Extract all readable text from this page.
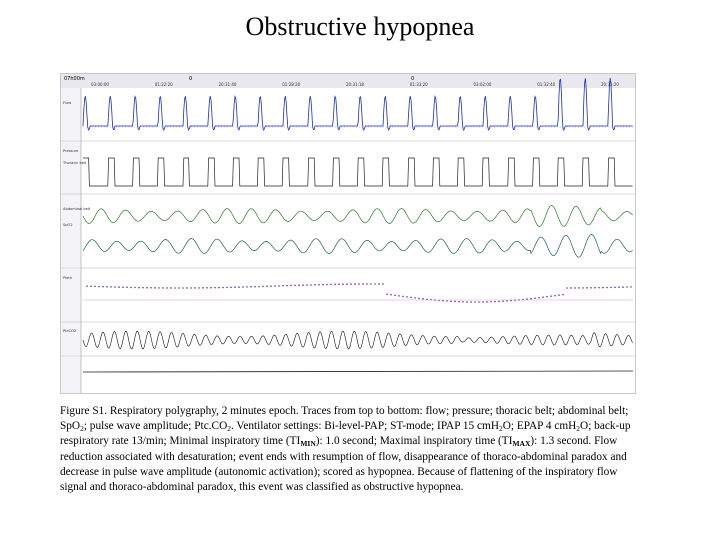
Obstructive hypopnea
07h00m	0	0
03:00:00	01:22:20	20:31:40	01:28:20	20:31:18	01:33:20	03:02:00	01:32:40	20:35:20
Flow
Pressure
Thoracic belt
Abdominal belt
SpO2
Pleth
PtcCO2
Figure S1. Respiratory polygraphy, 2 minutes epoch. Traces from top to bottom: flow; pressure; thoracic belt; abdominal belt;
SpO$_2$; pulse wave amplitude; $Ptc.CO_2$. Ventilator settings: Bi-level-PAP; ST-mode; IPAP 15 cmH$_2$O; EPAP 4 cmH$_2$O; back-up
respiratory rate 13/min; Minimal inspiratory time $(TI_{MIN})$: 1.0 second; Maximal inspiratory time $(TI_{MAX})$: 1.3 second. Flow
reduction associated with desaturation; event ends with resumption of flow, disappearance of thoraco-abdominal paradox and
decrease in pulse wave amplitude (autonomic activation); scored as hypopnea. Because of flattening of the inspiratory flow
signal and thoraco-abdominal paradox, this event was classified as obstructive hypopnea.
